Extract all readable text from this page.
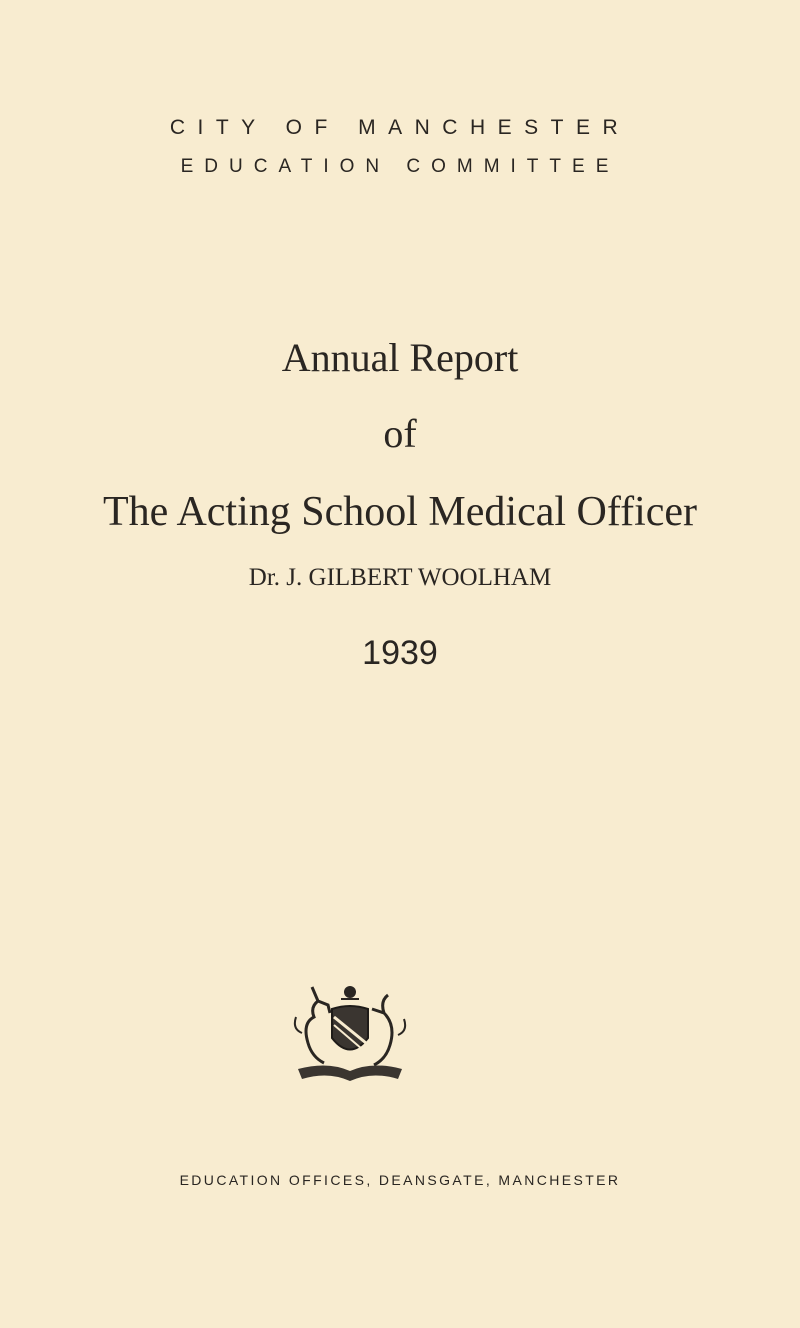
CITY OF MANCHESTER
EDUCATION COMMITTEE
Annual Report
of
The Acting School Medical Officer
Dr. J. GILBERT WOOLHAM
1939
EDUCATION OFFICES, DEANSGATE, MANCHESTER
